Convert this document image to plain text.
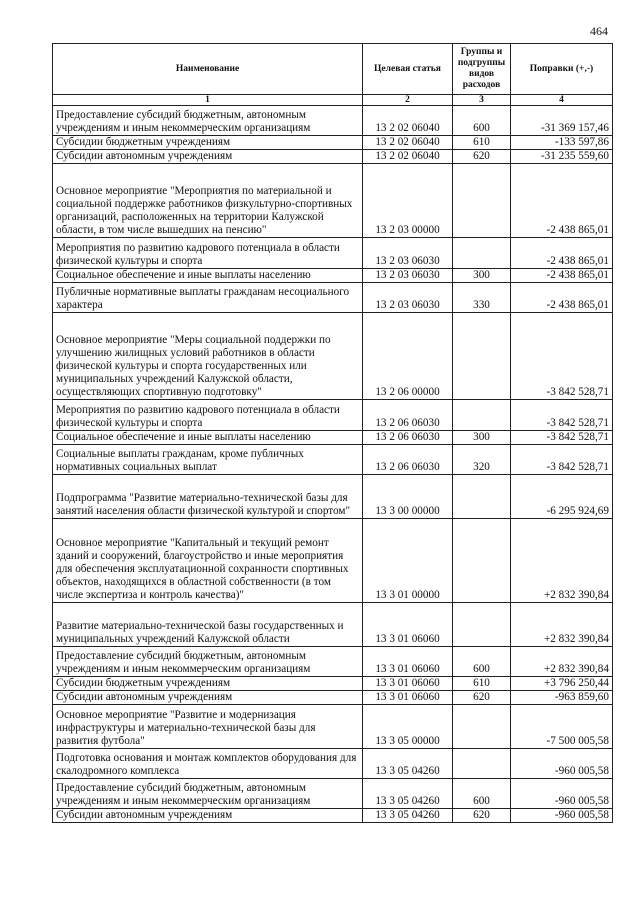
464
Наименование	Целевая статья	Группы и подгруппы видов расходов	Поправки (+,-)
1	2	3	4
Предоставление субсидий бюджетным, автономным учреждениям и иным некоммерческим организациям	13 2 02 06040	600	-31 369 157,46
Субсидии бюджетным учреждениям	13 2 02 06040	610	-133 597,86
Субсидии автономным учреждениям	13 2 02 06040	620	-31 235 559,60
Основное мероприятие "Мероприятия по материальной и социальной поддержке работников физкультурно-спортивных организаций, расположенных на территории Калужской области, в том числе вышедших на пенсию"	13 2 03 00000		-2 438 865,01
Мероприятия по развитию кадрового потенциала в области физической культуры и спорта	13 2 03 06030		-2 438 865,01
Социальное обеспечение и иные выплаты населению	13 2 03 06030	300	-2 438 865,01
Публичные нормативные выплаты гражданам несоциального характера	13 2 03 06030	330	-2 438 865,01
Основное мероприятие "Меры социальной поддержки по улучшению жилищных условий работников в области физической культуры и спорта государственных или муниципальных учреждений Калужской области, осуществляющих спортивную подготовку"	13 2 06 00000		-3 842 528,71
Мероприятия по развитию кадрового потенциала в области физической культуры и спорта	13 2 06 06030		-3 842 528,71
Социальное обеспечение и иные выплаты населению	13 2 06 06030	300	-3 842 528,71
Социальные выплаты гражданам, кроме публичных нормативных социальных выплат	13 2 06 06030	320	-3 842 528,71
Подпрограмма "Развитие материально-технической базы для занятий населения области физической культурой и спортом"	13 3 00 00000		-6 295 924,69
Основное мероприятие "Капитальный и текущий ремонт зданий и сооружений, благоустройство и иные мероприятия для обеспечения эксплуатационной сохранности спортивных объектов, находящихся в областной собственности (в том числе экспертиза и контроль качества)"	13 3 01 00000		+2 832 390,84
Развитие материально-технической базы государственных и муниципальных учреждений Калужской области	13 3 01 06060		+2 832 390,84
Предоставление субсидий бюджетным, автономным учреждениям и иным некоммерческим организациям	13 3 01 06060	600	+2 832 390,84
Субсидии бюджетным учреждениям	13 3 01 06060	610	+3 796 250,44
Субсидии автономным учреждениям	13 3 01 06060	620	-963 859,60
Основное мероприятие "Развитие и модернизация инфраструктуры и материально-технической базы для развития футбола"	13 3 05 00000		-7 500 005,58
Подготовка основания и монтаж комплектов оборудования для скалодромного комплекса	13 3 05 04260		-960 005,58
Предоставление субсидий бюджетным, автономным учреждениям и иным некоммерческим организациям	13 3 05 04260	600	-960 005,58
Субсидии автономным учреждениям	13 3 05 04260	620	-960 005,58
